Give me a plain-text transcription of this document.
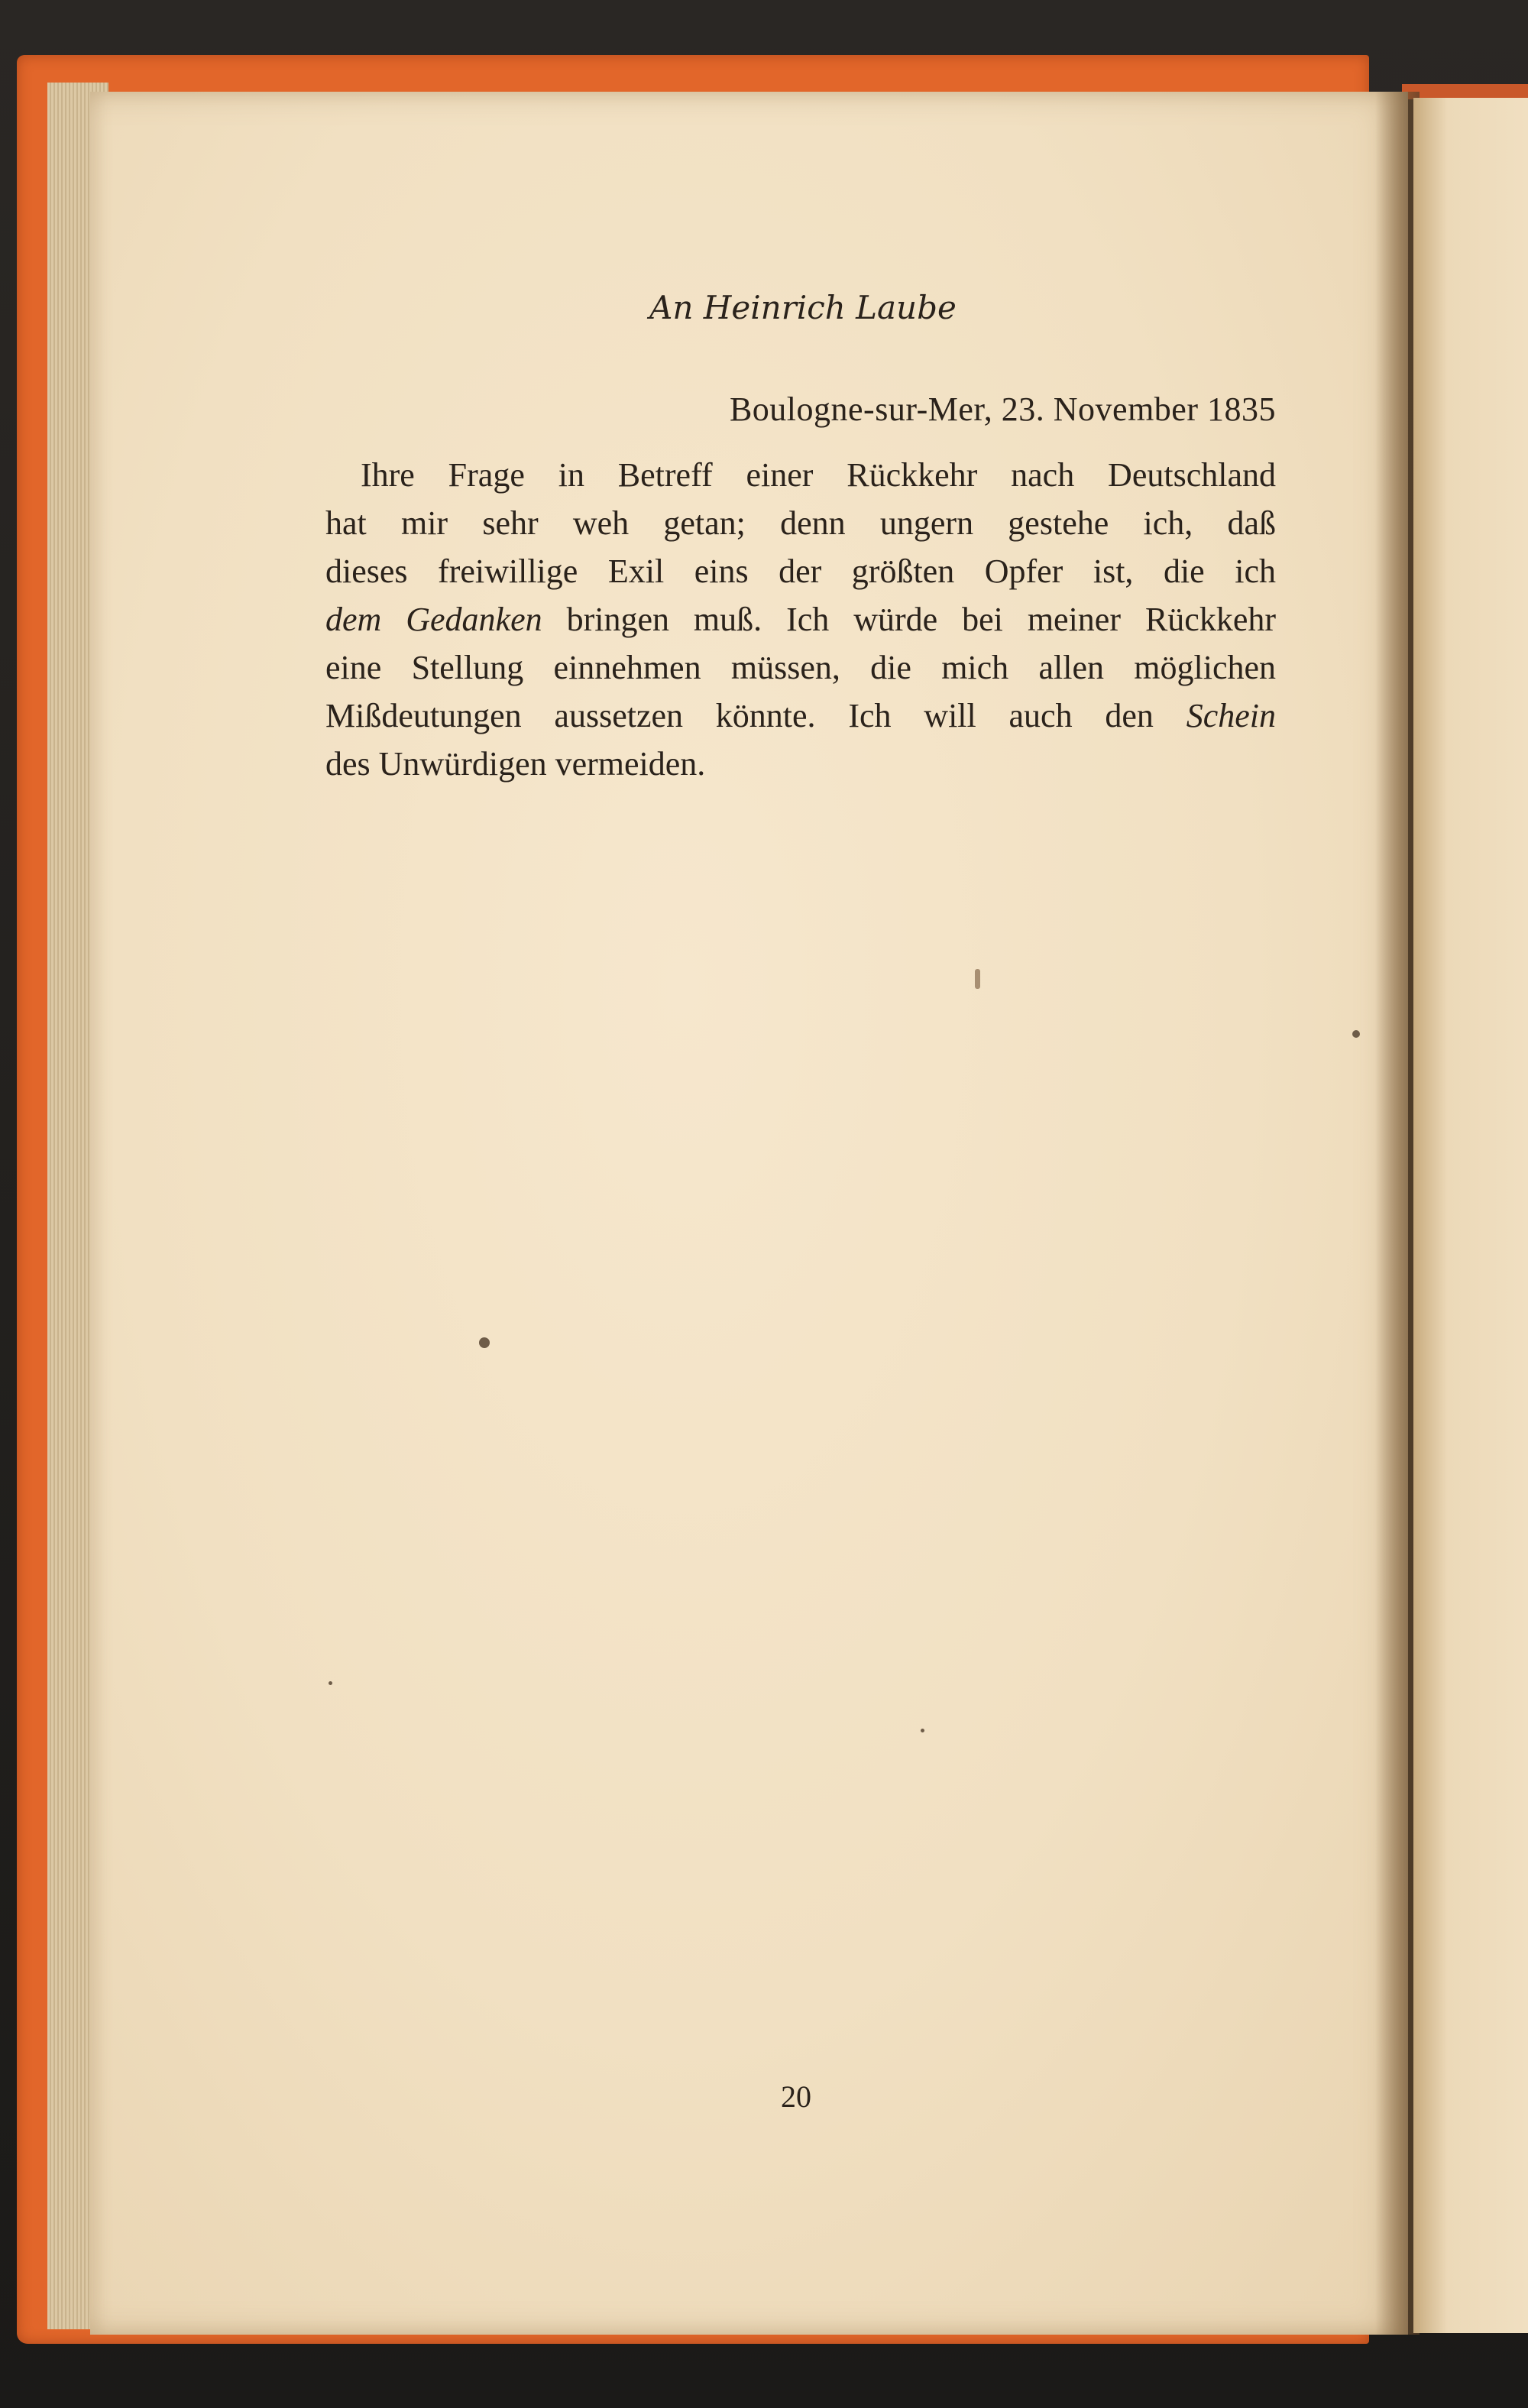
An Heinrich Laube
Boulogne-sur-Mer, 23. November 1835
Ihre Frage in Betreff einer Rückkehr nach Deutschland
hat mir sehr weh getan; denn ungern gestehe ich, daß
dieses freiwillige Exil eins der größten Opfer ist, die ich
dem Gedanken bringen muß. Ich würde bei meiner Rückkehr
eine Stellung einnehmen müssen, die mich allen möglichen
Mißdeutungen aussetzen könnte. Ich will auch den Schein
des Unwürdigen vermeiden.
20
